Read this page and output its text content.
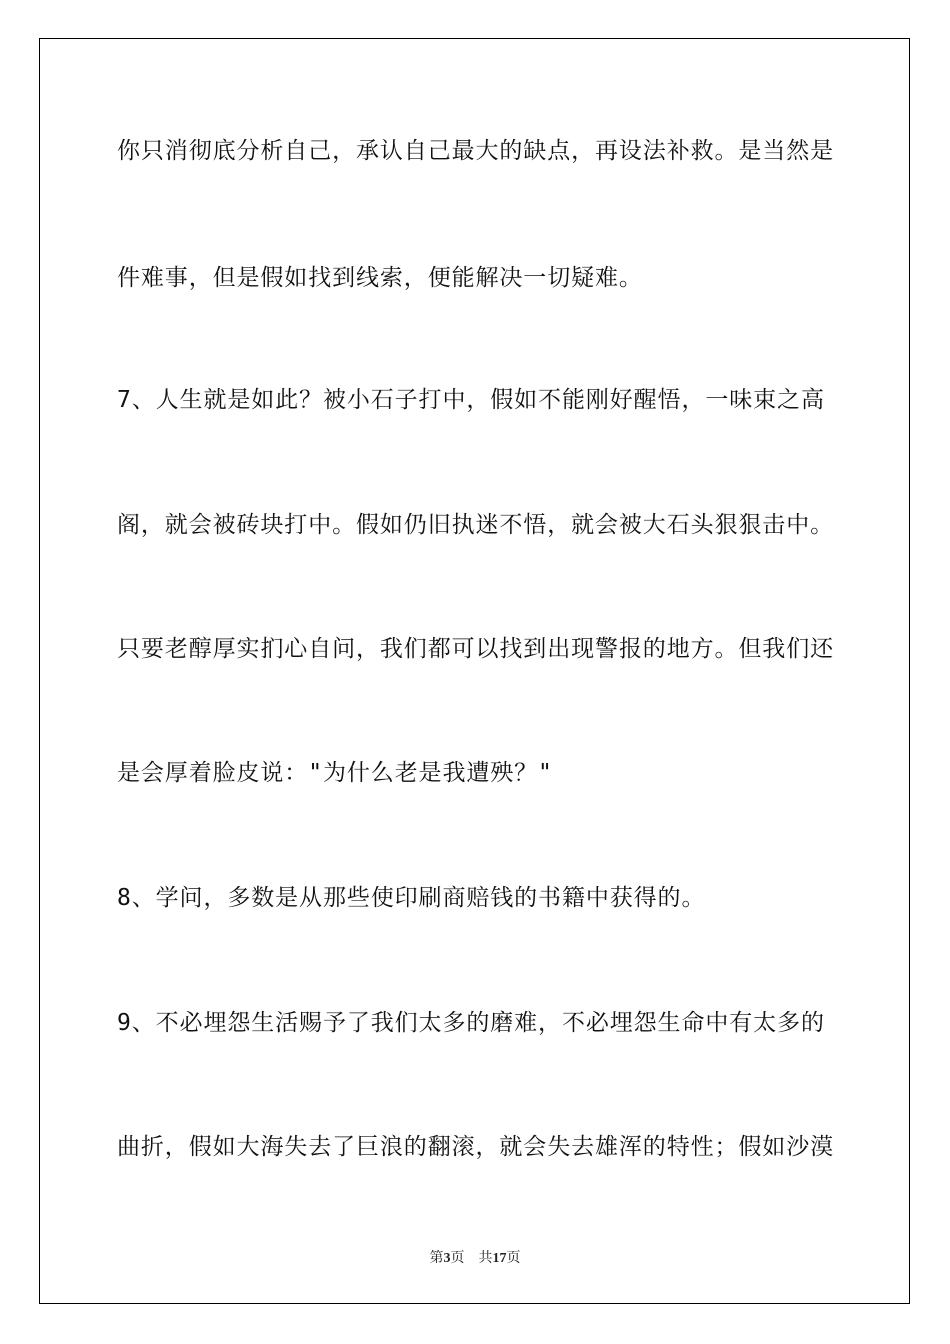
你只消彻底分析自己，承认自己最大的缺点，再设法补救。是当然是
件难事，但是假如找到线索，便能解决一切疑难。
7、人生就是如此？被小石子打中，假如不能刚好醒悟，一味束之高
阁，就会被砖块打中。假如仍旧执迷不悟，就会被大石头狠狠击中。
只要老醇厚实扪心自问，我们都可以找到出现警报的地方。但我们还
是会厚着脸皮说："为什么老是我遭殃？"
8、学问，多数是从那些使印刷商赔钱的书籍中获得的。
9、不必埋怨生活赐予了我们太多的磨难，不必埋怨生命中有太多的
曲折，假如大海失去了巨浪的翻滚，就会失去雄浑的特性；假如沙漠
第3页 共17页
